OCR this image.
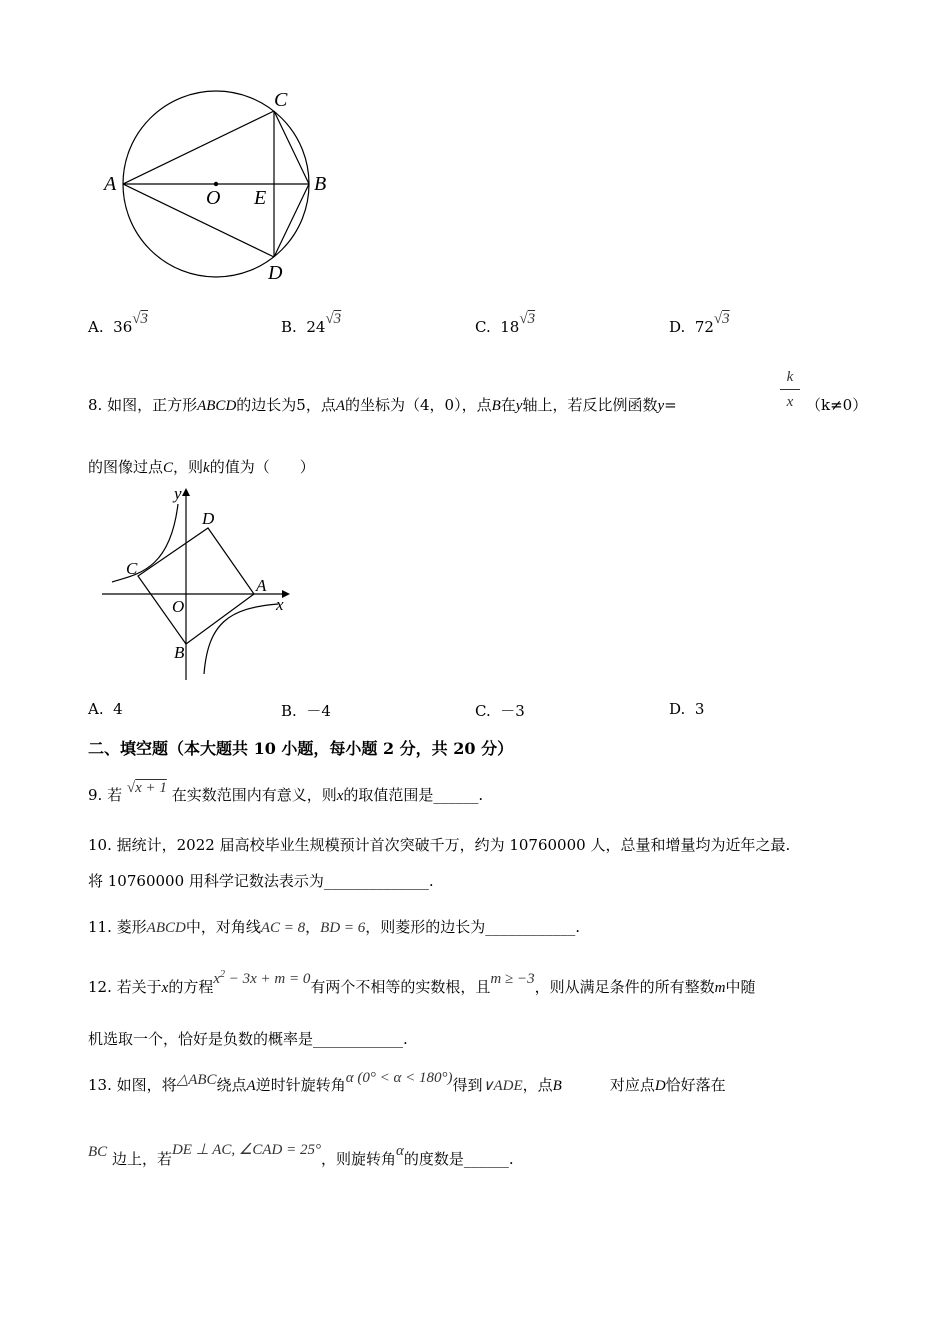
C
A	B
O E
D
A. 36√3	B. 24√3	C. 18√3	D. 72√3
8. 如图，正方形ABCD的边长为5，点A的坐标为（4，0），点B在y轴上，若反比例函数y=
k
x （k≠0）
的图像过点C，则k的值为（　　）
y
x
D
C
A
O
B
A. 4	B. －4	C. －3	D. 3
二、填空题（本大题共 10 小题，每小题 2 分，共 20 分）
9. 若 √x + 1 在实数范围内有意义，则x的取值范围是______.
10. 据统计，2022 届高校毕业生规模预计首次突破千万，约为 10760000 人，总量和增量均为近年之最.
将 10760000 用科学记数法表示为______________.
11. 菱形ABCD中，对角线AC = 8，BD = 6，则菱形的边长为____________.
12. 若关于x的方程$x^2 - 3x + m = 0$有两个不相等的实数根，且m ≥ −3，则从满足条件的所有整数m中随
机选取一个，恰好是负数的概率是____________.
13. 如图，将△ABC绕点A逆时针旋转角α (0° < α < 180°)得到∨ADE，点B	对应点D恰好落在
BC 边上，若DE ⊥ AC, ∠CAD = 25°，则旋转角α的度数是______.
